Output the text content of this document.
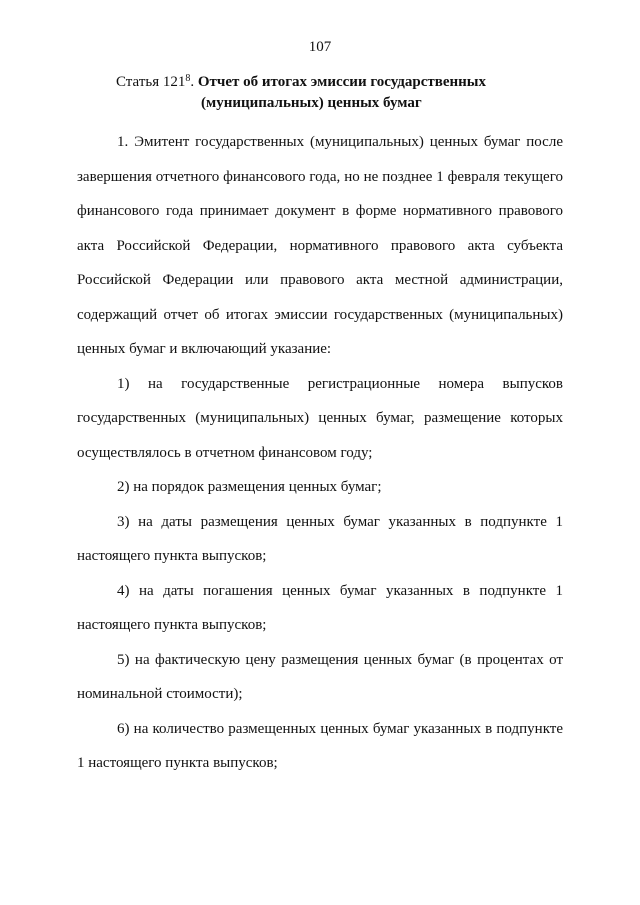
107
Статья $121^8$. Отчет об итогах эмиссии государственных
(муниципальных) ценных бумаг

1. Эмитент государственных (муниципальных) ценных бумаг после завершения отчетного финансового года, но не позднее 1 февраля текущего финансового года принимает документ в форме нормативного правового акта Российской Федерации, нормативного правового акта субъекта Российской Федерации или правового акта местной администрации, содержащий отчет об итогах эмиссии государственных (муниципальных) ценных бумаг и включающий указание:

1) на государственные регистрационные номера выпусков государственных (муниципальных) ценных бумаг, размещение которых осуществлялось в отчетном финансовом году;

2) на порядок размещения ценных бумаг;

3) на даты размещения ценных бумаг указанных в подпункте 1 настоящего пункта выпусков;

4) на даты погашения ценных бумаг указанных в подпункте 1 настоящего пункта выпусков;

5) на фактическую цену размещения ценных бумаг (в процентах от номинальной стоимости);

6) на количество размещенных ценных бумаг указанных в подпункте 1 настоящего пункта выпусков;
